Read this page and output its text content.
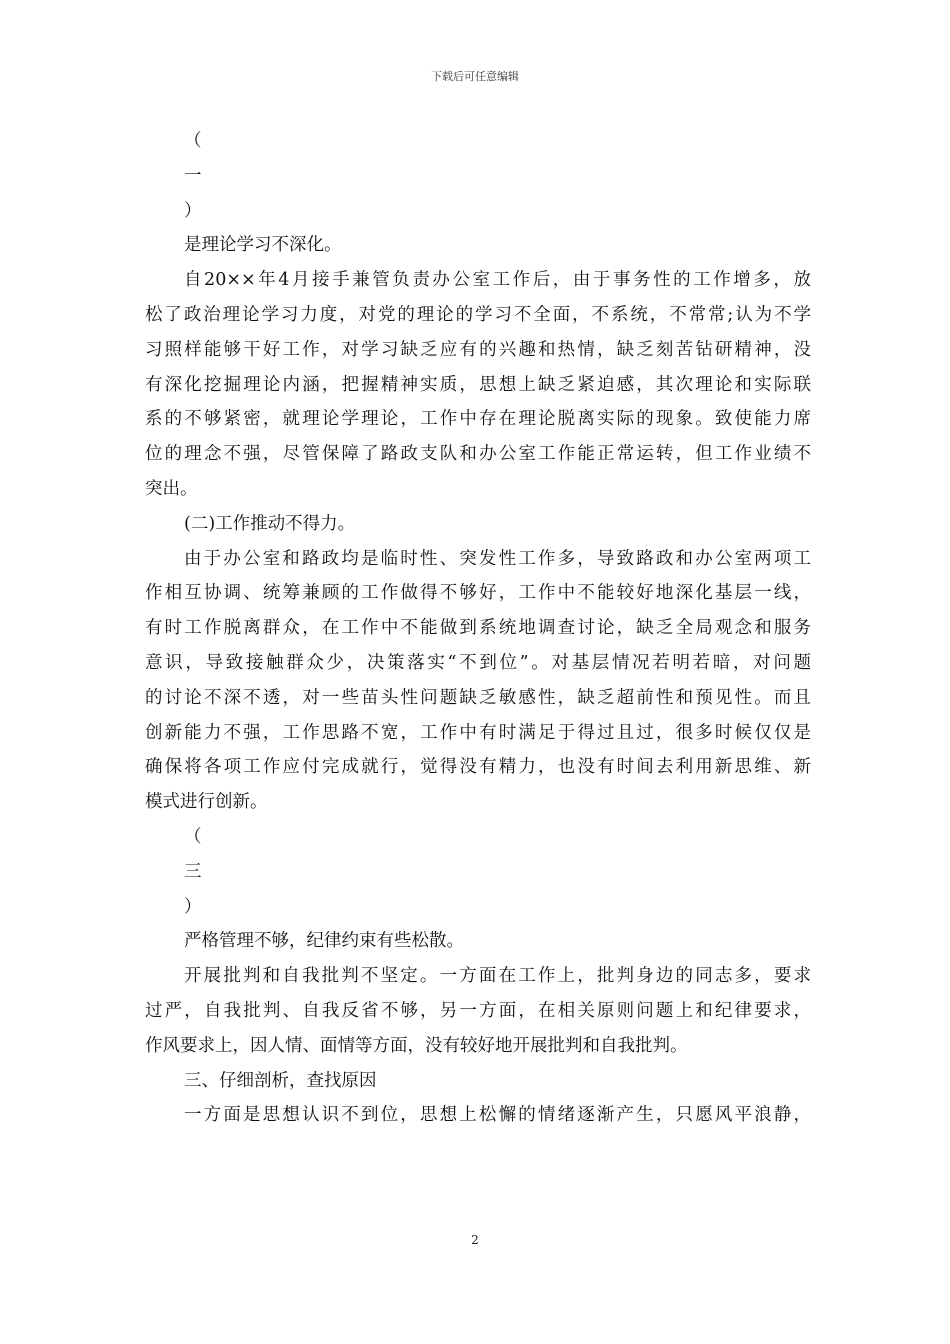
下载后可任意编辑
（
一
）
是理论学习不深化。
自20××年4月接手兼管负责办公室工作后，由于事务性的工作增多，放
松了政治理论学习力度，对党的理论的学习不全面，不系统，不常常;认为不学
习照样能够干好工作，对学习缺乏应有的兴趣和热情，缺乏刻苦钻研精神，没
有深化挖掘理论内涵，把握精神实质，思想上缺乏紧迫感，其次理论和实际联
系的不够紧密，就理论学理论，工作中存在理论脱离实际的现象。致使能力席
位的理念不强，尽管保障了路政支队和办公室工作能正常运转，但工作业绩不
突出。
(二)工作推动不得力。
由于办公室和路政均是临时性、突发性工作多，导致路政和办公室两项工
作相互协调、统筹兼顾的工作做得不够好，工作中不能较好地深化基层一线，
有时工作脱离群众，在工作中不能做到系统地调查讨论，缺乏全局观念和服务
意识，导致接触群众少，决策落实“不到位”。对基层情况若明若暗，对问题
的讨论不深不透，对一些苗头性问题缺乏敏感性，缺乏超前性和预见性。而且
创新能力不强，工作思路不宽，工作中有时满足于得过且过，很多时候仅仅是
确保将各项工作应付完成就行，觉得没有精力，也没有时间去利用新思维、新
模式进行创新。
（
三
）
严格管理不够，纪律约束有些松散。
开展批判和自我批判不坚定。一方面在工作上，批判身边的同志多，要求
过严，自我批判、自我反省不够，另一方面，在相关原则问题上和纪律要求，
作风要求上，因人情、面情等方面，没有较好地开展批判和自我批判。
三、仔细剖析，查找原因
一方面是思想认识不到位，思想上松懈的情绪逐渐产生，只愿风平浪静，
2
